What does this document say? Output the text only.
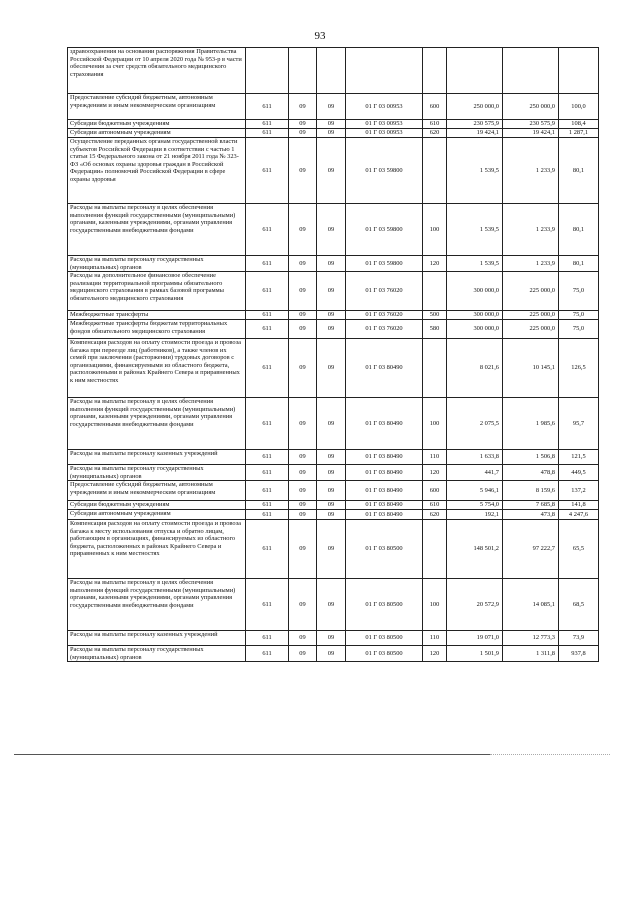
93
здравоохранения на основании распоряжения Правительства Российской Федерации от 10 апреля 2020 года № 953-р в части обеспечения за счет средств обязательного медицинского страхования								
Предоставление субсидий бюджетным, автономным учреждениям и иным некоммерческим организациям	611	09	09	01 Г 03 00953	600	250 000,0	250 000,0	100,0
Субсидии бюджетным учреждениям	611	09	09	01 Г 03 00953	610	230 575,9	230 575,9	108,4
Субсидии автономным учреждениям	611	09	09	01 Г 03 00953	620	19 424,1	19 424,1	1 287,1
Осуществление переданных органам государственной власти субъектов Российской Федерации в соответствии с частью 1 статьи 15 Федерального закона от 21 ноября 2011 года № 323-ФЗ «Об основах охраны здоровья граждан в Российской Федерации» полномочий Российской Федерации в сфере охраны здоровья	611	09	09	01 Г 03 59800		1 539,5	1 233,9	80,1
Расходы на выплаты персоналу в целях обеспечения выполнения функций государственными (муниципальными) органами, казенными учреждениями, органами управления государственными внебюджетными фондами	611	09	09	01 Г 03 59800	100	1 539,5	1 233,9	80,1
Расходы на выплаты персоналу государственных (муниципальных) органов	611	09	09	01 Г 03 59800	120	1 539,5	1 233,9	80,1
Расходы на дополнительное финансовое обеспечение реализации территориальной программы обязательного медицинского страхования в рамках базовой программы обязательного медицинского страхования	611	09	09	01 Г 03 76020		300 000,0	225 000,0	75,0
Межбюджетные трансферты	611	09	09	01 Г 03 76020	500	300 000,0	225 000,0	75,0
Межбюджетные трансферты бюджетам территориальных фондов обязательного медицинского страхования	611	09	09	01 Г 03 76020	580	300 000,0	225 000,0	75,0
Компенсация расходов на оплату стоимости проезда и провоза багажа при переезде лиц (работников), а также членов их семей при заключении (расторжении) трудовых договоров с организациями, финансируемыми из областного бюджета, расположенными в районах Крайнего Севера и приравненных к ним местностях	611	09	09	01 Г 03 80490		8 021,6	10 145,1	126,5
Расходы на выплаты персоналу в целях обеспечения выполнения функций государственными (муниципальными) органами, казенными учреждениями, органами управления государственными внебюджетными фондами	611	09	09	01 Г 03 80490	100	2 075,5	1 985,6	95,7
Расходы на выплаты персоналу казенных учреждений	611	09	09	01 Г 03 80490	110	1 633,8	1 506,8	121,5
Расходы на выплаты персоналу государственных (муниципальных) органов	611	09	09	01 Г 03 80490	120	441,7	478,8	449,5
Предоставление субсидий бюджетным, автономным учреждениям и иным некоммерческим организациям	611	09	09	01 Г 03 80490	600	5 946,1	8 159,6	137,2
Субсидии бюджетным учреждениям	611	09	09	01 Г 03 80490	610	5 754,0	7 685,8	141,8
Субсидии автономным учреждениям	611	09	09	01 Г 03 80490	620	192,1	473,8	4 247,6
Компенсация расходов на оплату стоимости проезда и провоза багажа к месту использования отпуска и обратно лицам, работающим в организациях, финансируемых из областного бюджета, расположенных в районах Крайнего Севера и приравненных к ним местностях	611	09	09	01 Г 03 80500		148 501,2	97 222,7	65,5
Расходы на выплаты персоналу в целях обеспечения выполнения функций государственными (муниципальными) органами, казенными учреждениями, органами управления государственными внебюджетными фондами	611	09	09	01 Г 03 80500	100	20 572,9	14 085,1	68,5
Расходы на выплаты персоналу казенных учреждений	611	09	09	01 Г 03 80500	110	19 071,0	12 773,3	73,9
Расходы на выплаты персоналу государственных (муниципальных) органов	611	09	09	01 Г 03 80500	120	1 501,9	1 311,8	937,8
